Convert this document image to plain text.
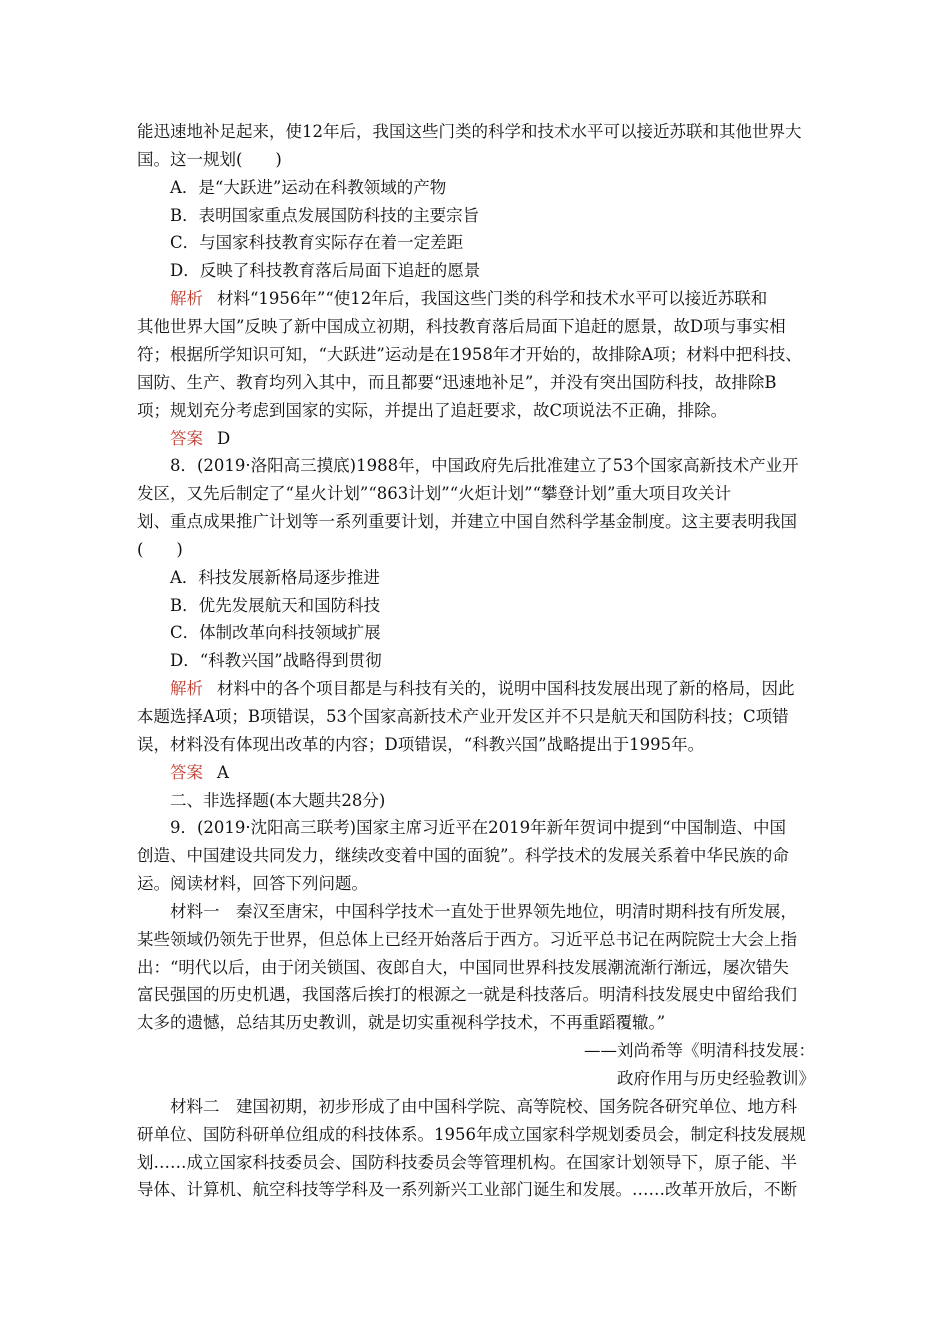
能迅速地补足起来，使12年后，我国这些门类的科学和技术水平可以接近苏联和其他世界大
国。这一规划(　　)
A．是“大跃进”运动在科教领域的产物
B．表明国家重点发展国防科技的主要宗旨
C．与国家科技教育实际存在着一定差距
D．反映了科技教育落后局面下追赶的愿景
解析 材料“1956年”“使12年后，我国这些门类的科学和技术水平可以接近苏联和
其他世界大国”反映了新中国成立初期，科技教育落后局面下追赶的愿景，故D项与事实相
符；根据所学知识可知，“大跃进”运动是在1958年才开始的，故排除A项；材料中把科技、
国防、生产、教育均列入其中，而且都要“迅速地补足”，并没有突出国防科技，故排除B
项；规划充分考虑到国家的实际，并提出了追赶要求，故C项说法不正确，排除。
答案 D
8．(2019·洛阳高三摸底)1988年，中国政府先后批准建立了53个国家高新技术产业开
发区，又先后制定了“星火计划”“863计划”“火炬计划”“攀登计划”重大项目攻关计
划、重点成果推广计划等一系列重要计划，并建立中国自然科学基金制度。这主要表明我国
(　　)
A．科技发展新格局逐步推进
B．优先发展航天和国防科技
C．体制改革向科技领域扩展
D．“科教兴国”战略得到贯彻
解析 材料中的各个项目都是与科技有关的，说明中国科技发展出现了新的格局，因此
本题选择A项；B项错误，53个国家高新技术产业开发区并不只是航天和国防科技；C项错
误，材料没有体现出改革的内容；D项错误，“科教兴国”战略提出于1995年。
答案 A
二、非选择题(本大题共28分)
9．(2019·沈阳高三联考)国家主席习近平在2019年新年贺词中提到“中国制造、中国
创造、中国建设共同发力，继续改变着中国的面貌”。科学技术的发展关系着中华民族的命
运。阅读材料，回答下列问题。
材料一　秦汉至唐宋，中国科学技术一直处于世界领先地位，明清时期科技有所发展，
某些领域仍领先于世界，但总体上已经开始落后于西方。习近平总书记在两院院士大会上指
出：“明代以后，由于闭关锁国、夜郎自大，中国同世界科技发展潮流渐行渐远，屡次错失
富民强国的历史机遇，我国落后挨打的根源之一就是科技落后。明清科技发展史中留给我们
太多的遗憾，总结其历史教训，就是切实重视科学技术，不再重蹈覆辙。”
——刘尚希等《明清科技发展：
政府作用与历史经验教训》
材料二　建国初期，初步形成了由中国科学院、高等院校、国务院各研究单位、地方科
研单位、国防科研单位组成的科技体系。1956年成立国家科学规划委员会，制定科技发展规
划……成立国家科技委员会、国防科技委员会等管理机构。在国家计划领导下，原子能、半
导体、计算机、航空科技等学科及一系列新兴工业部门诞生和发展。……改革开放后，不断
